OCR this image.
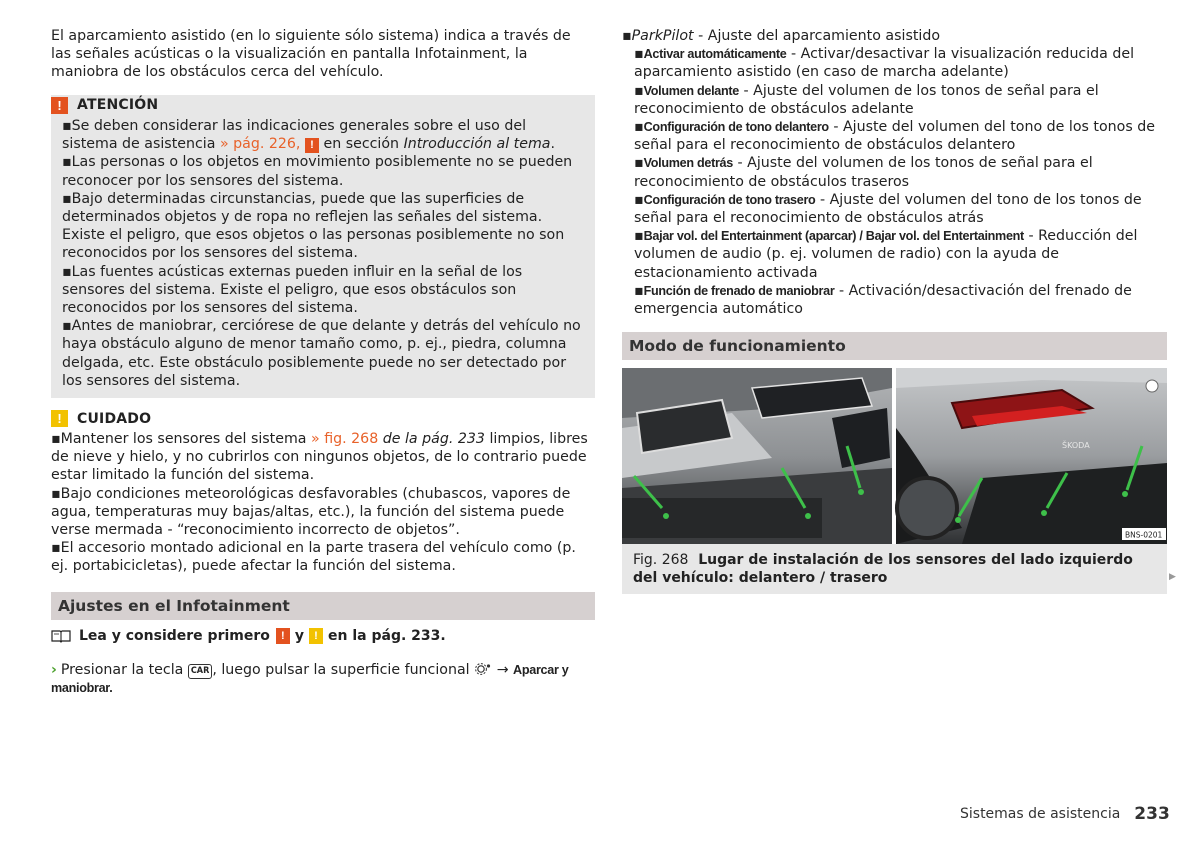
El aparcamiento asistido (en lo siguiente sólo sistema) indica a través de las señales acústicas o la visualización en pantalla Infotainment, la maniobra de los obstáculos cerca del vehículo.
!	ATENCIÓN
▪ Se deben considerar las indicaciones generales sobre el uso del sistema de asistencia » pág. 226, ! en sección Introducción al tema.
▪ Las personas o los objetos en movimiento posiblemente no se pueden reconocer por los sensores del sistema.
▪ Bajo determinadas circunstancias, puede que las superficies de determinados objetos y de ropa no reflejen las señales del sistema. Existe el peligro, que esos objetos o las personas posiblemente no son reconocidos por los sensores del sistema.
▪ Las fuentes acústicas externas pueden influir en la señal de los sensores del sistema. Existe el peligro, que esos obstáculos son reconocidos por los sensores del sistema.
▪ Antes de maniobrar, cerciórese de que delante y detrás del vehículo no haya obstáculo alguno de menor tamaño como, p. ej., piedra, columna delgada, etc. Este obstáculo posiblemente puede no ser detectado por los sensores del sistema.
!	CUIDADO
▪ Mantener los sensores del sistema » fig. 268 de la pág. 233 limpios, libres de nieve y hielo, y no cubrirlos con ningunos objetos, de lo contrario puede estar limitado la función del sistema.
▪ Bajo condiciones meteorológicas desfavorables (chubascos, vapores de agua, temperaturas muy bajas/altas, etc.), la función del sistema puede verse mermada - “reconocimiento incorrecto de objetos”.
▪ El accesorio montado adicional en la parte trasera del vehículo como (p. ej. portabicicletas), puede afectar la función del sistema.
Ajustes en el Infotainment
Lea y considere primero	! y ! en la pág. 233.
› Presionar la tecla CAR , luego pulsar la superficie funcional → Aparcar y maniobrar.
▪ ParkPilot - Ajuste del aparcamiento asistido
▪ Activar automáticamente - Activar/desactivar la visualización reducida del aparcamiento asistido (en caso de marcha adelante)
▪ Volumen delante - Ajuste del volumen de los tonos de señal para el reconocimiento de obstáculos adelante
▪ Configuración de tono delantero - Ajuste del volumen del tono de los tonos de señal para el reconocimiento de obstáculos delantero
▪ Volumen detrás - Ajuste del volumen de los tonos de señal para el reconocimiento de obstáculos traseros
▪ Configuración de tono trasero - Ajuste del volumen del tono de los tonos de señal para el reconocimiento de obstáculos atrás
▪ Bajar vol. del Entertainment (aparcar) / Bajar vol. del Entertainment - Reducción del volumen de audio (p. ej. volumen de radio) con la ayuda de estacionamiento activada
▪ Función de frenado de maniobrar - Activación/desactivación del frenado de emergencia automático
Modo de funcionamiento
ŠKODA
BNS-0201
Fig. 268 Lugar de instalación de los sensores del lado izquierdo del vehículo: delantero / trasero	▶
Sistemas de asistencia 233
